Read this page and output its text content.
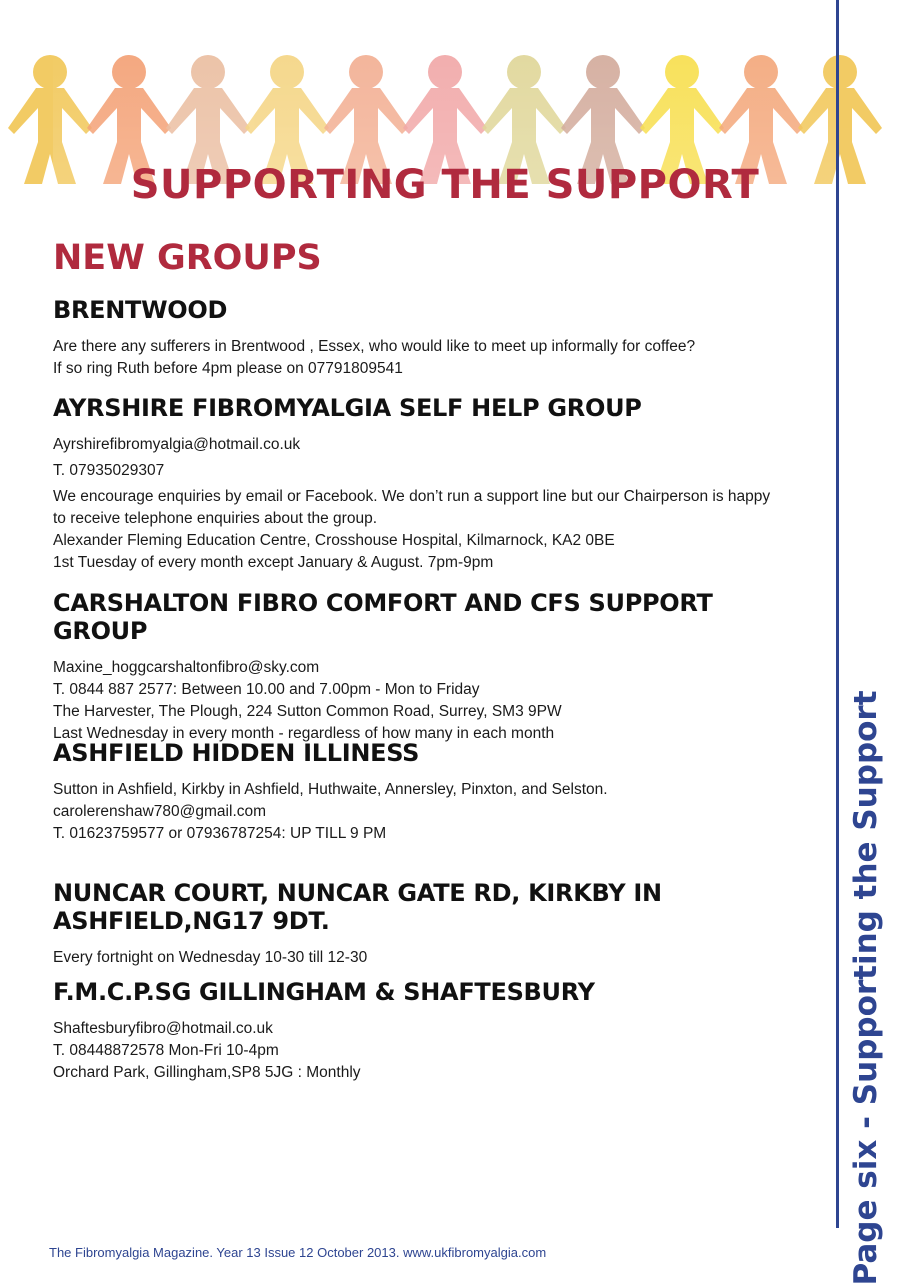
SUPPORTING THE SUPPORT
NEW GROUPS
BRENTWOOD

Are there any sufferers in Brentwood , Essex, who would like to meet up informally for coffee?

If so ring Ruth before 4pm please on 07791809541

AYRSHIRE FIBROMYALGIA SELF HELP GROUP

Ayrshirefibromyalgia@hotmail.co.uk

T. 07935029307

We encourage enquiries by email or Facebook. We don’t run a support line but our Chairperson is happy

to receive telephone enquiries about the group.

Alexander Fleming Education Centre, Crosshouse Hospital, Kilmarnock, KA2 0BE

1st Tuesday of every month except January & August. 7pm-9pm

CARSHALTON FIBRO COMFORT AND CFS SUPPORT GROUP

Maxine_hoggcarshaltonfibro@sky.com

T. 0844 887 2577: Between 10.00 and 7.00pm - Mon to Friday

The Harvester, The Plough, 224 Sutton Common Road, Surrey, SM3 9PW

Last Wednesday in every month - regardless of how many in each month

ASHFIELD HIDDEN ILLINESS

Sutton in Ashfield, Kirkby in Ashfield, Huthwaite, Annersley, Pinxton, and Selston.

carolerenshaw780@gmail.com

T. 01623759577 or 07936787254: UP TILL 9 PM

NUNCAR COURT, NUNCAR GATE RD, KIRKBY IN ASHFIELD,NG17 9DT.

Every fortnight on Wednesday 10-30 till 12-30

F.M.C.P.SG GILLINGHAM & SHAFTESBURY

Shaftesburyfibro@hotmail.co.uk

T. 08448872578 Mon-Fri 10-4pm

Orchard Park, Gillingham,SP8 5JG : Monthly	Page six - Supporting the Support
The Fibromyalgia Magazine. Year 13 Issue 12 October 2013. www.ukfibromyalgia.com
